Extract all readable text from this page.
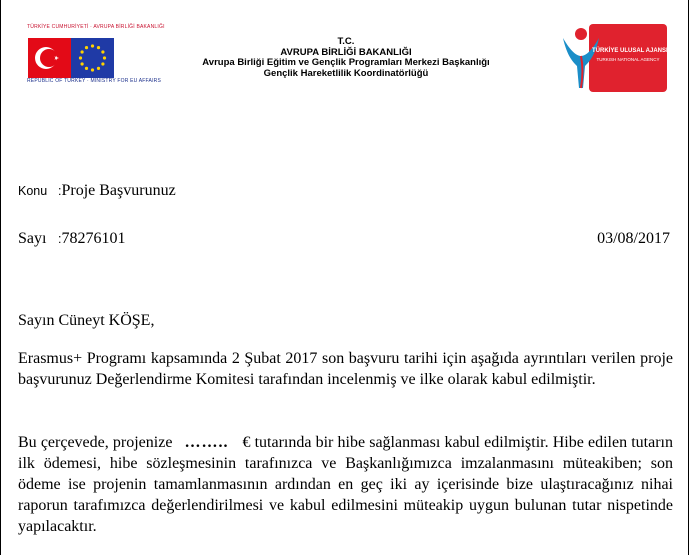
TÜRKİYE CUMHURİYETİ · AVRUPA BİRLİĞİ BAKANLIĞI
REPUBLIC OF TURKEY · MINISTRY FOR EU AFFAIRS
T.C.
AVRUPA BİRLİĞİ BAKANLIĞI
Avrupa Birliği Eğitim ve Gençlik Programları Merkezi Başkanlığı
Gençlik Hareketlilik Koordinatörlüğü
TÜRKİYE ULUSAL AJANSI
TURKISH NATIONAL AGENCY
Konu :Proje Başvurunuz
Sayı :78276101	03/08/2017
Sayın Cüneyt KÖŞE,
Erasmus+ Programı kapsamında 2 Şubat 2017 son başvuru tarihi için aşağıda ayrıntıları verilen proje başvurunuz Değerlendirme Komitesi tarafından incelenmiş ve ilke olarak kabul edilmiştir.
Bu çerçevede, projenize …….. € tutarında bir hibe sağlanması kabul edilmiştir. Hibe edilen tutarın ilk ödemesi, hibe sözleşmesinin tarafınızca ve Başkanlığımızca imzalanmasını müteakiben; son ödeme ise projenin tamamlanmasının ardından en geç iki ay içerisinde bize ulaştıracağınız nihai raporun tarafımızca değerlendirilmesi ve kabul edilmesini müteakip uygun bulunan tutar nispetinde yapılacaktır.
